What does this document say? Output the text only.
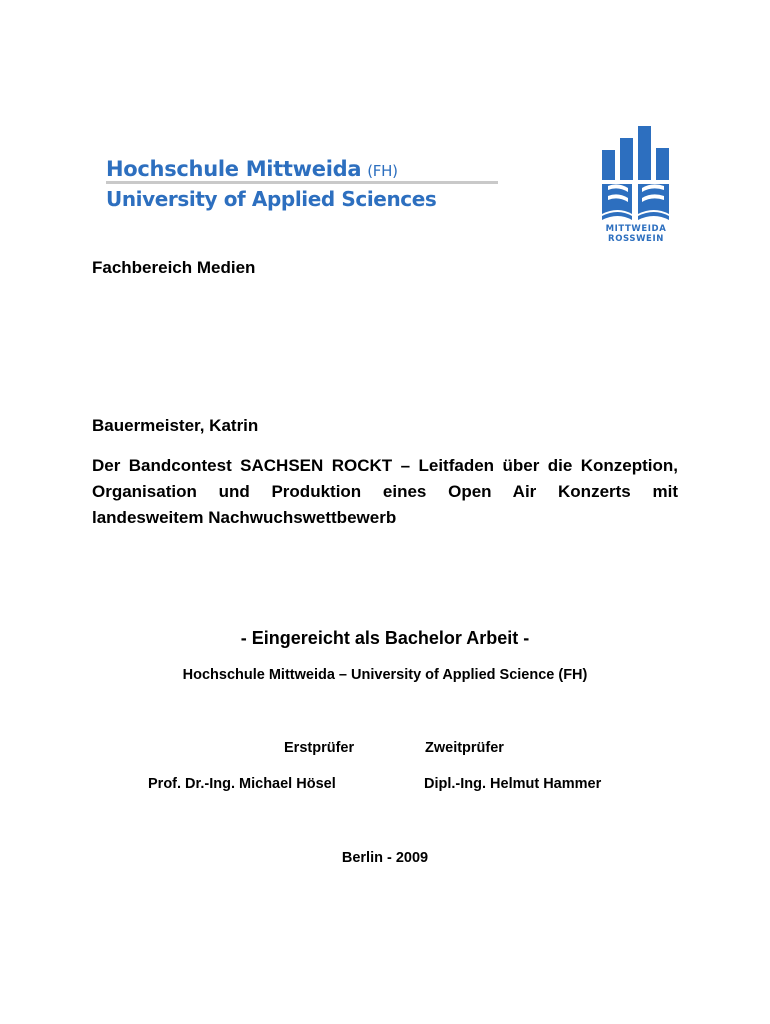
Hochschule Mittweida (FH)
University of Applied Sciences
MITTWEIDA
ROSSWEIN
Fachbereich Medien
Bauermeister, Katrin
Der Bandcontest SACHSEN ROCKT – Leitfaden über die Konzeption,
Organisation und Produktion eines Open Air Konzerts mit
landesweitem Nachwuchswettbewerb
- Eingereicht als Bachelor Arbeit -
Hochschule Mittweida – University of Applied Science (FH)
Erstprüfer	Zweitprüfer
Prof. Dr.-Ing. Michael Hösel	Dipl.-Ing. Helmut Hammer
Berlin - 2009
